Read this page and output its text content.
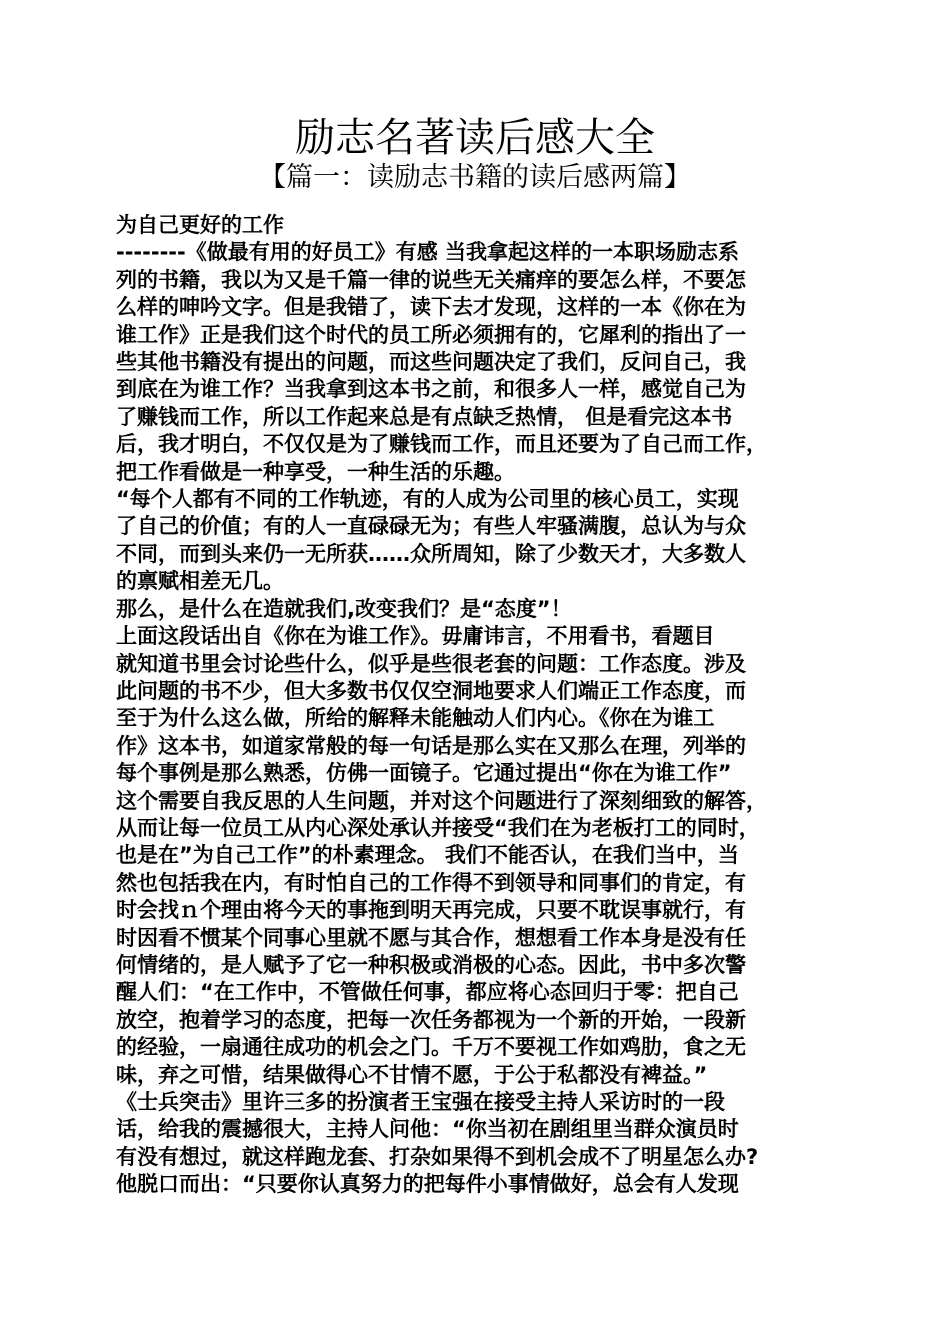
励志名著读后感大全
【篇一：读励志书籍的读后感两篇】
为自己更好的工作
--------《做最有用的好员工》有感 当我拿起这样的一本职场励志系
列的书籍，我以为又是千篇一律的说些无关痛痒的要怎么样，不要怎
么样的呻吟文字。但是我错了，读下去才发现，这样的一本《你在为
谁工作》正是我们这个时代的员工所必须拥有的，它犀利的指出了一
些其他书籍没有提出的问题，而这些问题决定了我们，反问自己，我
到底在为谁工作？当我拿到这本书之前，和很多人一样，感觉自己为
了赚钱而工作，所以工作起来总是有点缺乏热情， 但是看完这本书
后，我才明白，不仅仅是为了赚钱而工作，而且还要为了自己而工作，
把工作看做是一种享受，一种生活的乐趣。
“每个人都有不同的工作轨迹，有的人成为公司里的核心员工，实现
了自己的价值；有的人一直碌碌无为；有些人牢骚满腹，总认为与众
不同，而到头来仍一无所获……众所周知，除了少数天才，大多数人
的禀赋相差无几。
那么，是什么在造就我们,改变我们？是“态度”！
上面这段话出自《你在为谁工作》。毋庸讳言，不用看书，看题目
就知道书里会讨论些什么，似乎是些很老套的问题：工作态度。涉及
此问题的书不少，但大多数书仅仅空洞地要求人们端正工作态度，而
至于为什么这么做，所给的解释未能触动人们内心。《你在为谁工
作》这本书，如道家常般的每一句话是那么实在又那么在理，列举的
每个事例是那么熟悉，仿佛一面镜子。它通过提出“你在为谁工作”
这个需要自我反思的人生问题，并对这个问题进行了深刻细致的解答，
从而让每一位员工从内心深处承认并接受“我们在为老板打工的同时，
也是在”为自己工作”的朴素理念。 我们不能否认，在我们当中，当
然也包括我在内，有时怕自己的工作得不到领导和同事们的肯定，有
时会找ｎ个理由将今天的事拖到明天再完成，只要不耽误事就行，有
时因看不惯某个同事心里就不愿与其合作，想想看工作本身是没有任
何情绪的，是人赋予了它一种积极或消极的心态。因此，书中多次警
醒人们：“在工作中，不管做任何事，都应将心态回归于零：把自己
放空，抱着学习的态度，把每一次任务都视为一个新的开始，一段新
的经验，一扇通往成功的机会之门。千万不要视工作如鸡肋，食之无
味，弃之可惜，结果做得心不甘情不愿，于公于私都没有裨益。”
《士兵突击》里许三多的扮演者王宝强在接受主持人采访时的一段
话，给我的震撼很大，主持人问他：“你当初在剧组里当群众演员时
有没有想过，就这样跑龙套、打杂如果得不到机会成不了明星怎么办?
他脱口而出：“只要你认真努力的把每件小事情做好，总会有人发现
